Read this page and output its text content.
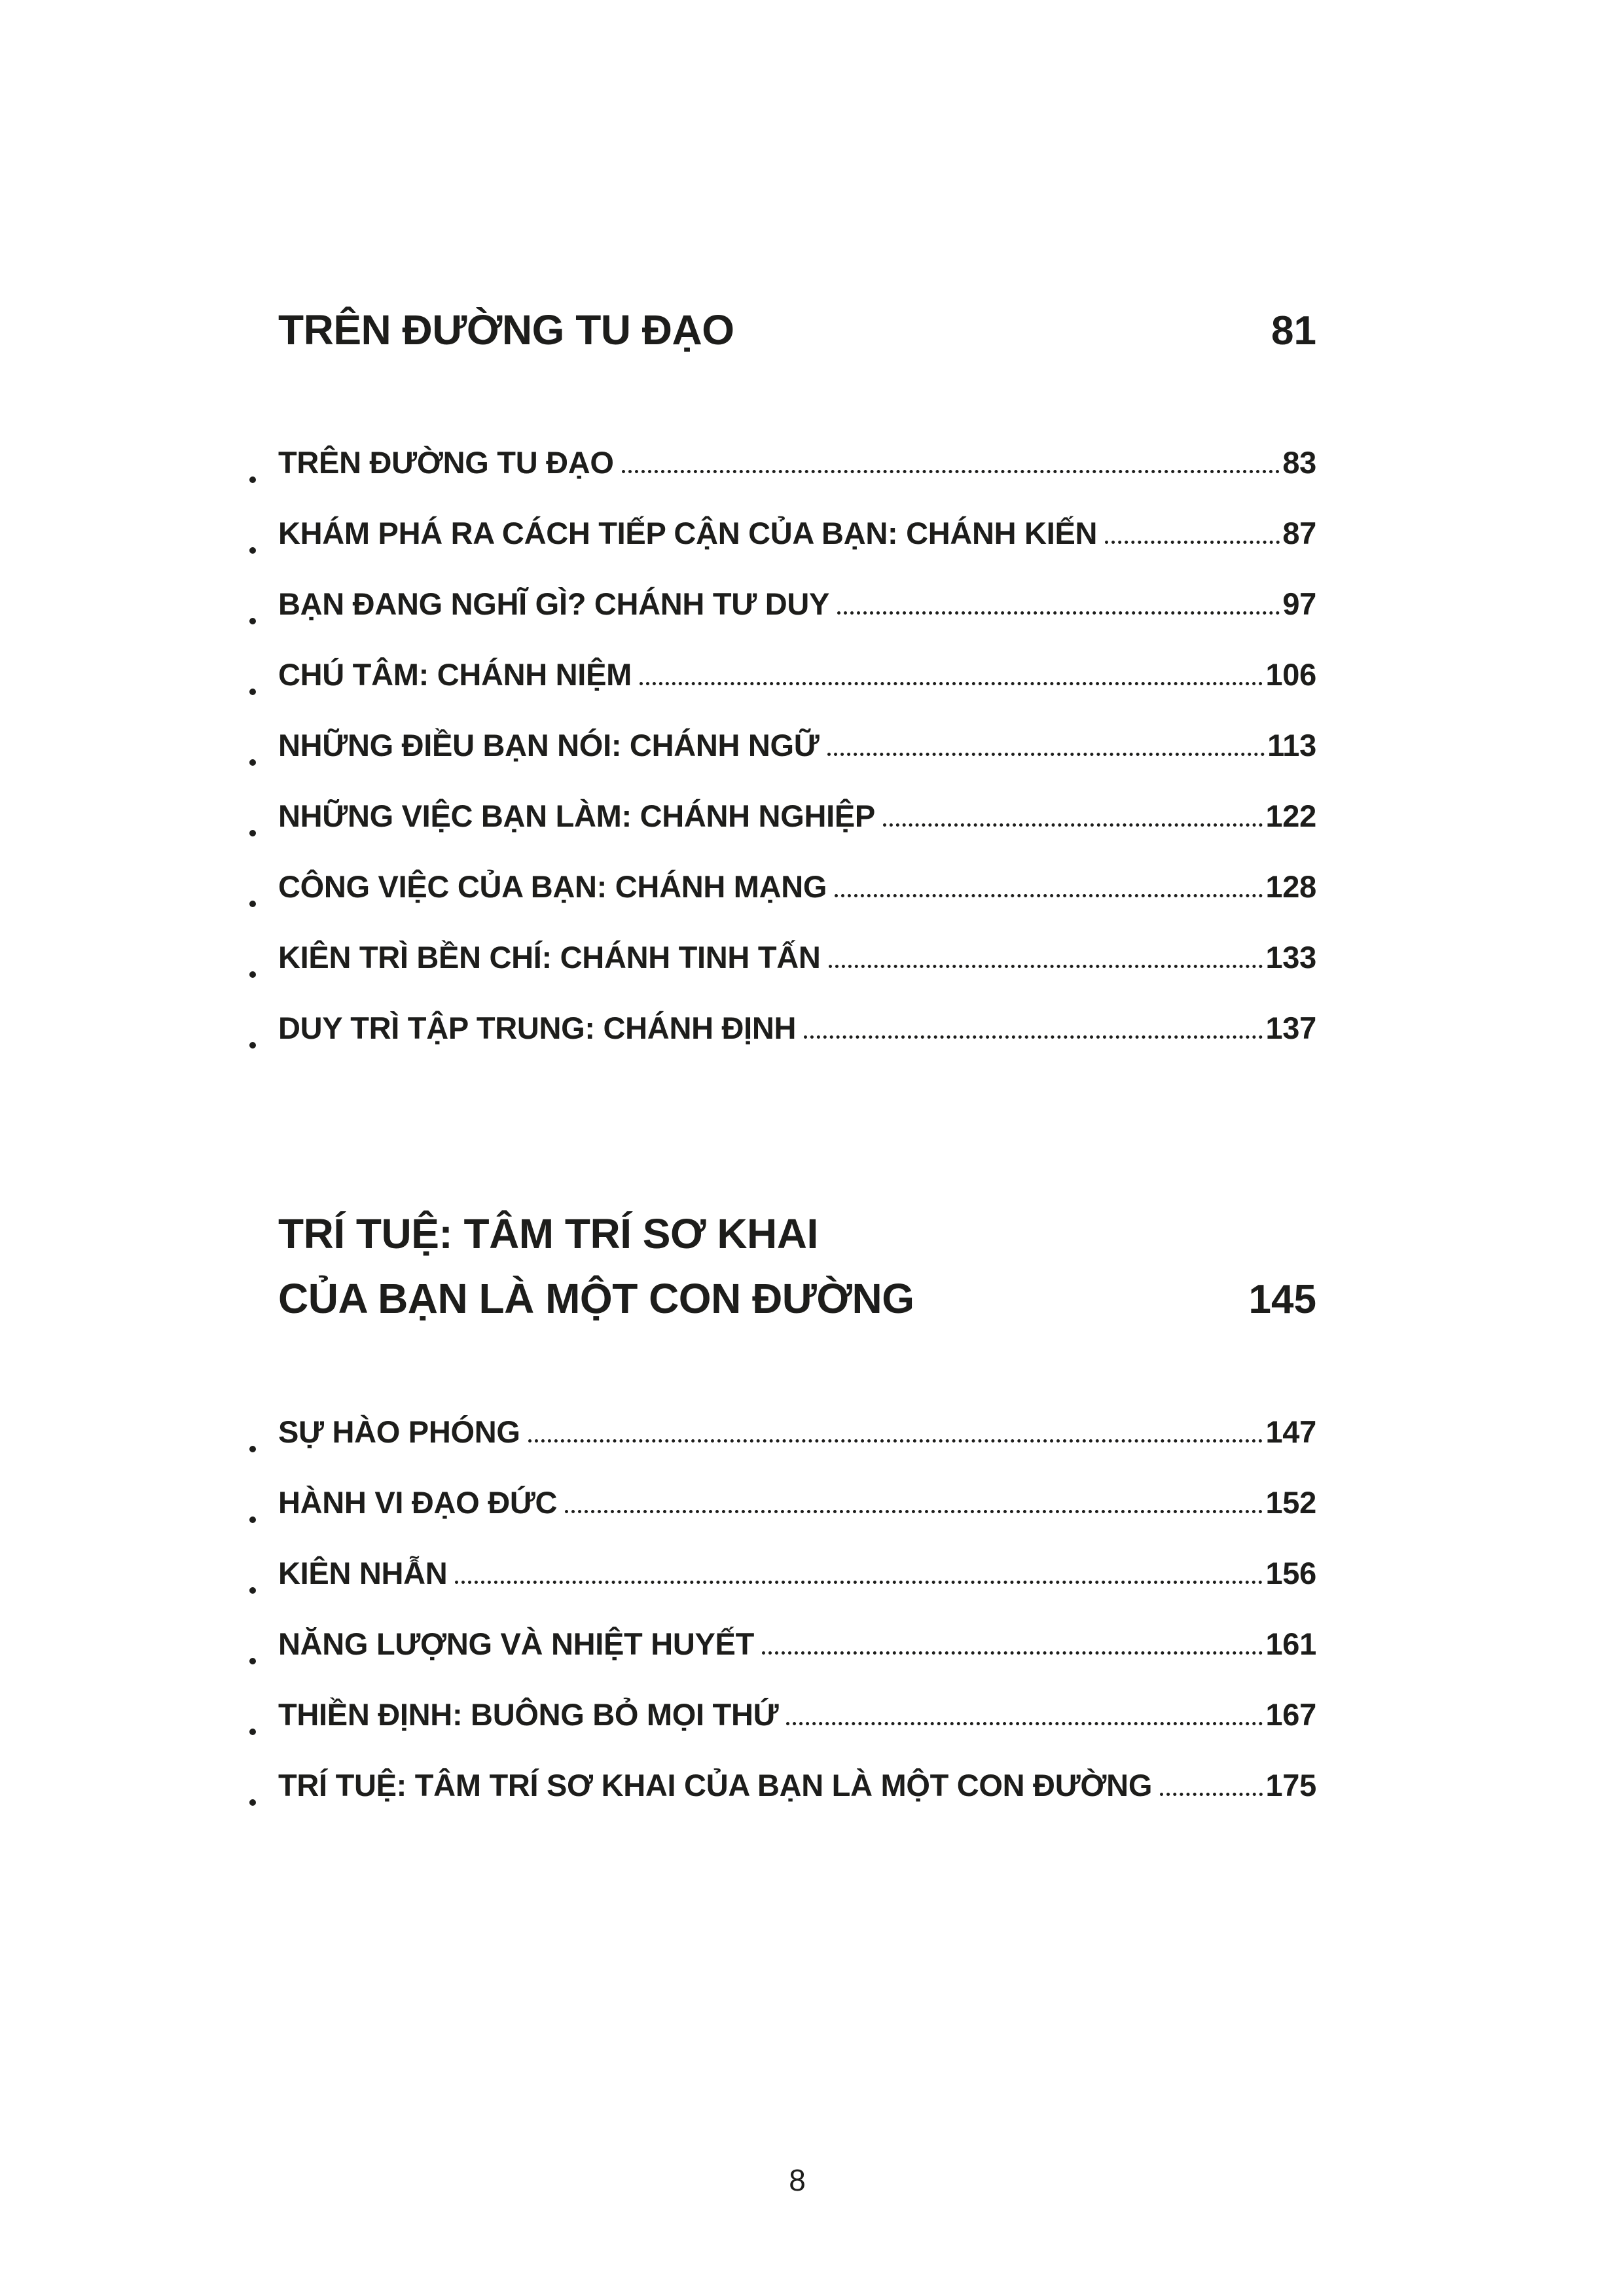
TRÊN ĐƯỜNG TU ĐẠO	81
TRÊN ĐƯỜNG TU ĐẠO	83
KHÁM PHÁ RA CÁCH TIẾP CẬN CỦA BẠN: CHÁNH KIẾN	87
BẠN ĐANG NGHĨ GÌ? CHÁNH TƯ DUY	97
CHÚ TÂM: CHÁNH NIỆM	106
NHỮNG ĐIỀU BẠN NÓI: CHÁNH NGỮ	113
NHỮNG VIỆC BẠN LÀM: CHÁNH NGHIỆP	122
CÔNG VIỆC CỦA BẠN: CHÁNH MẠNG	128
KIÊN TRÌ BỀN CHÍ: CHÁNH TINH TẤN	133
DUY TRÌ TẬP TRUNG: CHÁNH ĐỊNH	137
TRÍ TUỆ: TÂM TRÍ SƠ KHAI
CỦA BẠN LÀ MỘT CON ĐƯỜNG	145
SỰ HÀO PHÓNG	147
HÀNH VI ĐẠO ĐỨC	152
KIÊN NHẪN	156
NĂNG LƯỢNG VÀ NHIỆT HUYẾT	161
THIỀN ĐỊNH: BUÔNG BỎ MỌI THỨ	167
TRÍ TUỆ: TÂM TRÍ SƠ KHAI CỦA BẠN LÀ MỘT CON ĐƯỜNG	175
8
